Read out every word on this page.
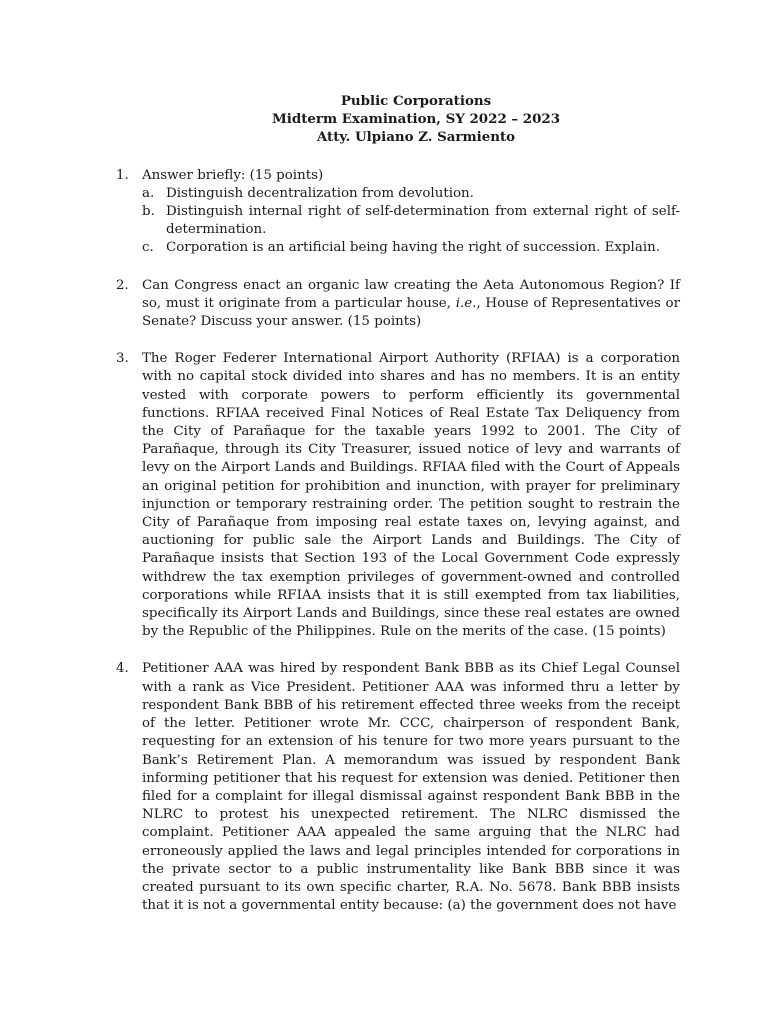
Public Corporations
Midterm Examination, SY 2022 – 2023
Atty. Ulpiano Z. Sarmiento
1. Answer briefly: (15 points)
a. Distinguish decentralization from devolution.
b. Distinguish internal right of self-determination from external right of self-determination.
c. Corporation is an artificial being having the right of succession. Explain.
2. Can Congress enact an organic law creating the Aeta Autonomous Region? If so, must it originate from a particular house, i.e., House of Representatives or Senate? Discuss your answer. (15 points)
3. The Roger Federer International Airport Authority (RFIAA) is a corporation with no capital stock divided into shares and has no members. It is an entity vested with corporate powers to perform efficiently its governmental functions. RFIAA received Final Notices of Real Estate Tax Deliquency from the City of Parañaque for the taxable years 1992 to 2001. The City of Parañaque, through its City Treasurer, issued notice of levy and warrants of levy on the Airport Lands and Buildings. RFIAA filed with the Court of Appeals an original petition for prohibition and inunction, with prayer for preliminary injunction or temporary restraining order. The petition sought to restrain the City of Parañaque from imposing real estate taxes on, levying against, and auctioning for public sale the Airport Lands and Buildings. The City of Parañaque insists that Section 193 of the Local Government Code expressly withdrew the tax exemption privileges of government-owned and controlled corporations while RFIAA insists that it is still exempted from tax liabilities, specifically its Airport Lands and Buildings, since these real estates are owned by the Republic of the Philippines. Rule on the merits of the case. (15 points)
4. Petitioner AAA was hired by respondent Bank BBB as its Chief Legal Counsel with a rank as Vice President. Petitioner AAA was informed thru a letter by respondent Bank BBB of his retirement effected three weeks from the receipt of the letter. Petitioner wrote Mr. CCC, chairperson of respondent Bank, requesting for an extension of his tenure for two more years pursuant to the Bank’s Retirement Plan. A memorandum was issued by respondent Bank informing petitioner that his request for extension was denied. Petitioner then filed for a complaint for illegal dismissal against respondent Bank BBB in the NLRC to protest his unexpected retirement. The NLRC dismissed the complaint. Petitioner AAA appealed the same arguing that the NLRC had erroneously applied the laws and legal principles intended for corporations in the private sector to a public instrumentality like Bank BBB since it was created pursuant to its own specific charter, R.A. No. 5678. Bank BBB insists that it is not a governmental entity because: (a) the government does not have
